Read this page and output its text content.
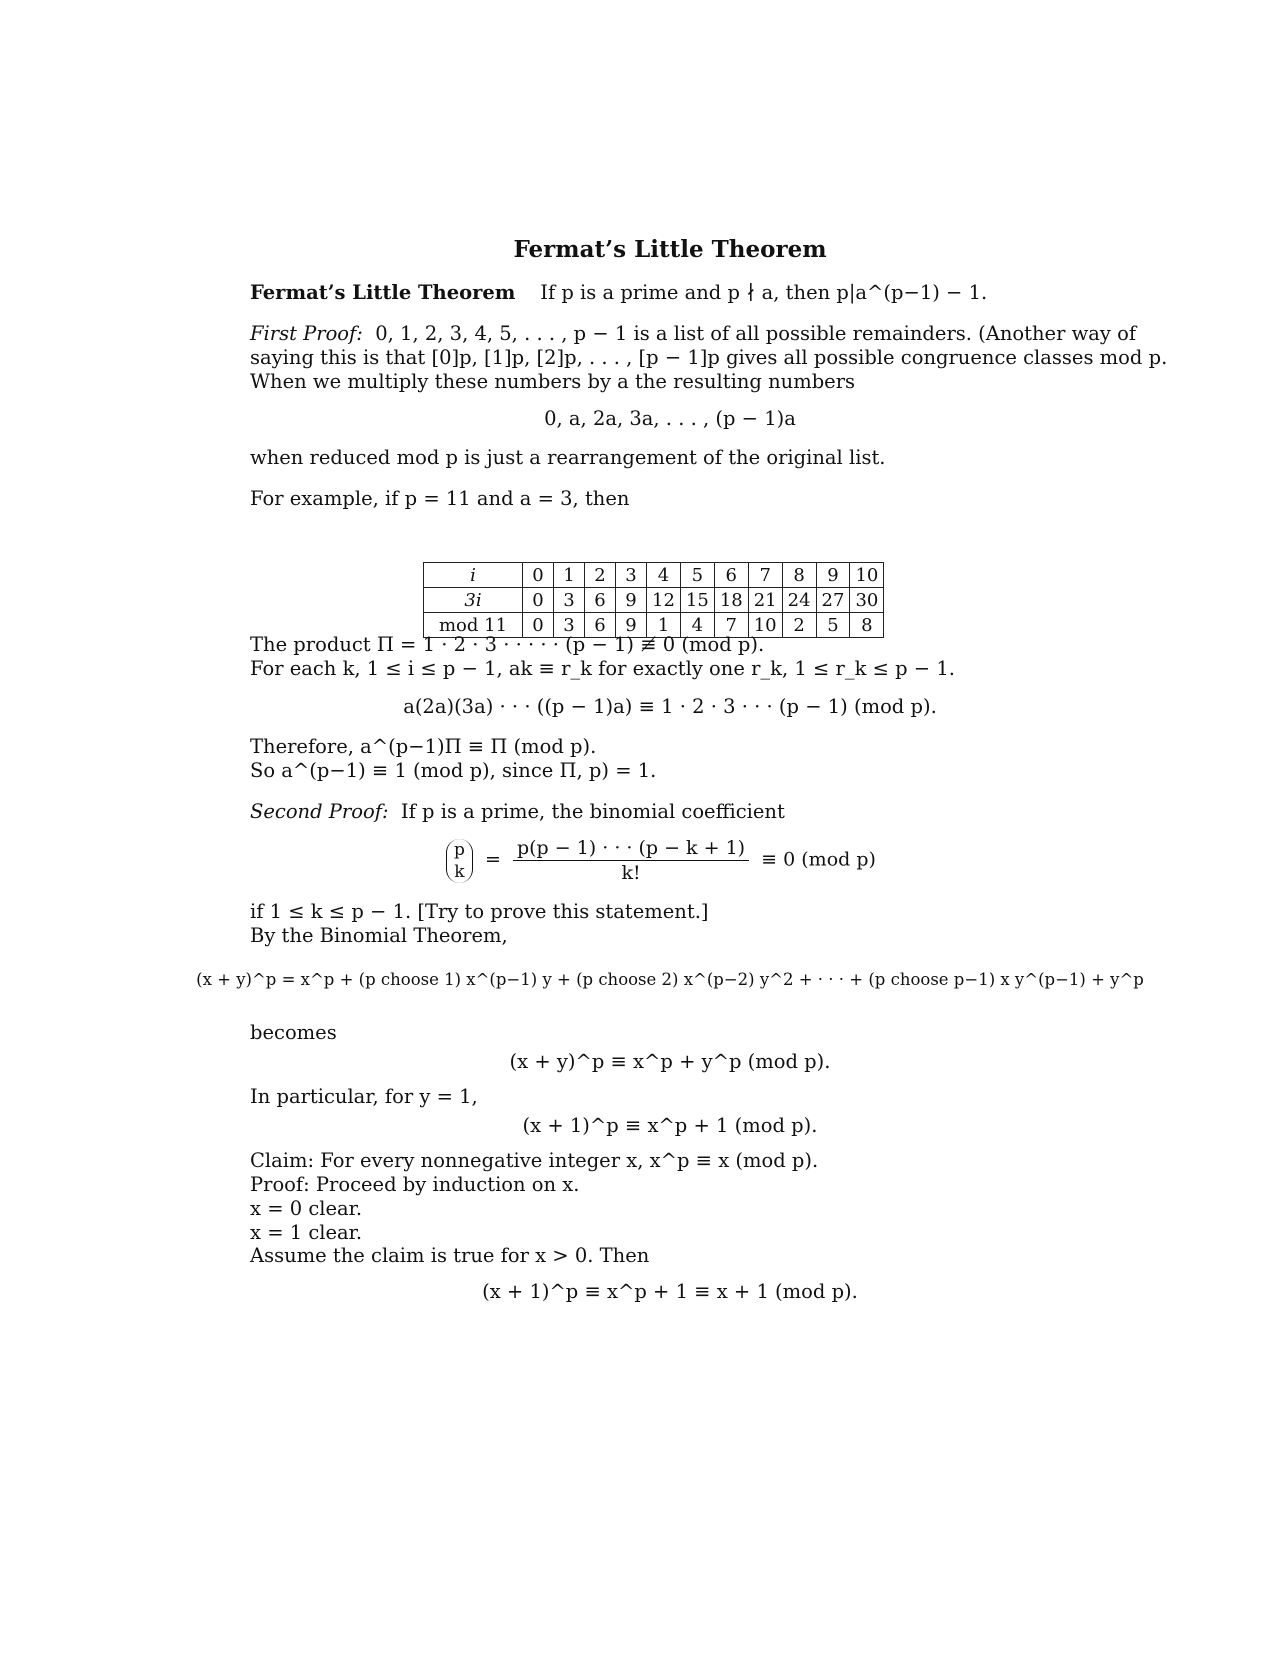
Fermat’s Little Theorem
Fermat’s Little Theorem If p is a prime and p ∤ a, then p|a^(p−1) − 1.
First Proof: 0, 1, 2, 3, 4, 5, . . . , p − 1 is a list of all possible remainders. (Another way of
saying this is that [0]p, [1]p, [2]p, . . . , [p − 1]p gives all possible congruence classes mod p.
When we multiply these numbers by a the resulting numbers
0, a, 2a, 3a, . . . , (p − 1)a
when reduced mod p is just a rearrangement of the original list.
For example, if p = 11 and a = 3, then
i	0	1	2	3	4	5	6	7	8	9	10
3i	0	3	6	9	12	15	18	21	24	27	30
mod 11	0	3	6	9	1	4	7	10	2	5	8
The product Π = 1 · 2 · 3 · · · · · (p − 1) ≢ 0 (mod p).
For each k, 1 ≤ i ≤ p − 1, ak ≡ r_k for exactly one r_k, 1 ≤ r_k ≤ p − 1.
a(2a)(3a) · · · ((p − 1)a) ≡ 1 · 2 · 3 · · · (p − 1) (mod p).
Therefore, a^(p−1)Π ≡ Π (mod p).
So a^(p−1) ≡ 1 (mod p), since Π, p) = 1.
Second Proof: If p is a prime, the binomial coefficient
p
k
= $\frac{p(p - 1) \cdot \cdot \cdot (p - k + 1)}{k!} \equiv 0$ (mod p)
if 1 ≤ k ≤ p − 1. [Try to prove this statement.]
By the Binomial Theorem,
(x + y)^p = x^p + (p choose 1) x^(p−1) y + (p choose 2) x^(p−2) y^2 + · · · + (p choose p−1) x y^(p−1) + y^p
becomes
(x + y)^p ≡ x^p + y^p (mod p).
In particular, for y = 1,
(x + 1)^p ≡ x^p + 1 (mod p).
Claim: For every nonnegative integer x, x^p ≡ x (mod p).
Proof: Proceed by induction on x.
x = 0 clear.
x = 1 clear.
Assume the claim is true for x > 0. Then
(x + 1)^p ≡ x^p + 1 ≡ x + 1 (mod p).
